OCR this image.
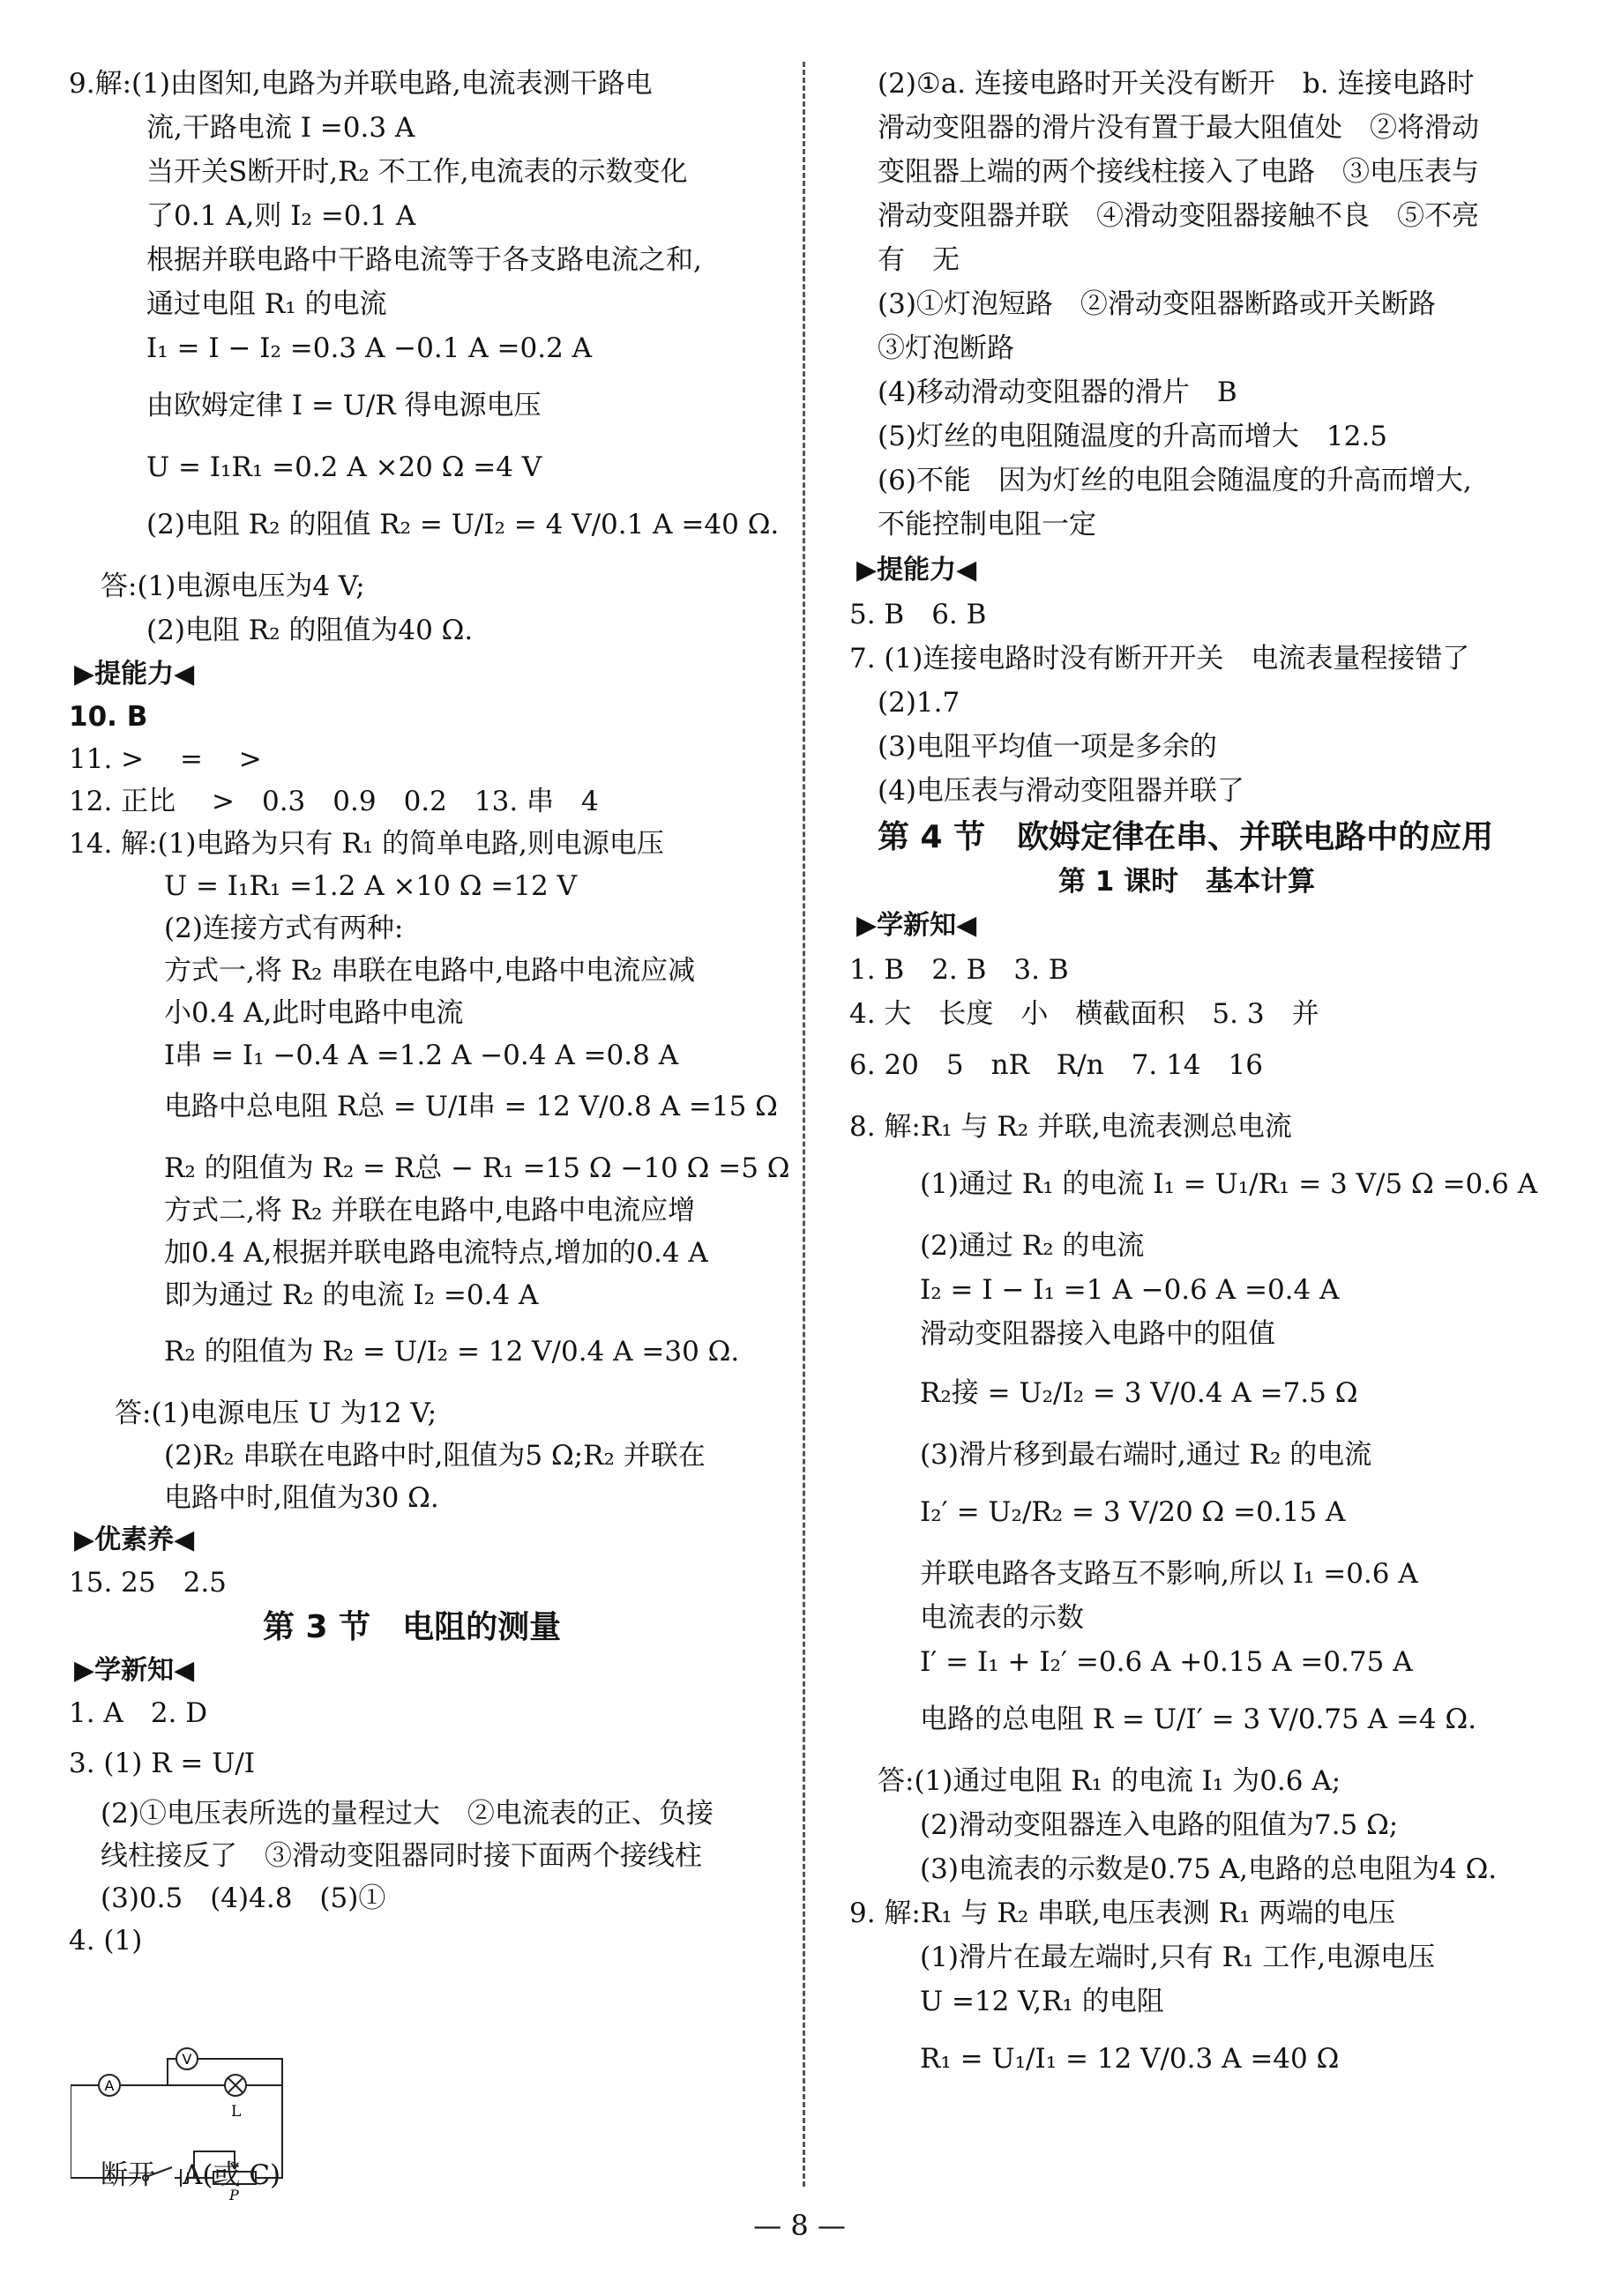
9.解:(1)由图知,电路为并联电路,电流表测干路电
流,干路电流 I =0.3 A
当开关S断开时,R₂ 不工作,电流表的示数变化
了0.1 A,则 I₂ =0.1 A
根据并联电路中干路电流等于各支路电流之和,
通过电阻 R₁ 的电流
I₁ = I − I₂ =0.3 A −0.1 A =0.2 A
由欧姆定律 I = U/R 得电源电压
U = I₁R₁ =0.2 A ×20 Ω =4 V
(2)电阻 R₂ 的阻值 R₂ = U/I₂ = 4 V/0.1 A =40 Ω.
答:(1)电源电压为4 V;
(2)电阻 R₂ 的阻值为40 Ω.
▶提能力◀
10. B
11. >　 =　 >
12. 正比　 >　0.3　0.9　0.2　13. 串　4
14. 解:(1)电路为只有 R₁ 的简单电路,则电源电压
U = I₁R₁ =1.2 A ×10 Ω =12 V
(2)连接方式有两种:
方式一,将 R₂ 串联在电路中,电路中电流应减
小0.4 A,此时电路中电流
I串 = I₁ −0.4 A =1.2 A −0.4 A =0.8 A
电路中总电阻 R总 = U/I串 = 12 V/0.8 A =15 Ω
R₂ 的阻值为 R₂ = R总 − R₁ =15 Ω −10 Ω =5 Ω
方式二,将 R₂ 并联在电路中,电路中电流应增
加0.4 A,根据并联电路电流特点,增加的0.4 A
即为通过 R₂ 的电流 I₂ =0.4 A
R₂ 的阻值为 R₂ = U/I₂ = 12 V/0.4 A =30 Ω.
答:(1)电源电压 U 为12 V;
(2)R₂ 串联在电路中时,阻值为5 Ω;R₂ 并联在
电路中时,阻值为30 Ω.
▶优素养◀
15. 25　2.5
第 3 节　电阻的测量
▶学新知◀
1. A　2. D
3. (1) R = U/I
(2)①电压表所选的量程过大　②电流表的正、负接
线柱接反了　③滑动变阻器同时接下面两个接线柱
(3)0.5　(4)4.8　(5)①
4. (1)
断开　A(或 C)
(2)①a. 连接电路时开关没有断开　b. 连接电路时
滑动变阻器的滑片没有置于最大阻值处　②将滑动
变阻器上端的两个接线柱接入了电路　③电压表与
滑动变阻器并联　④滑动变阻器接触不良　⑤不亮
有　无
(3)①灯泡短路　②滑动变阻器断路或开关断路
③灯泡断路
(4)移动滑动变阻器的滑片　B
(5)灯丝的电阻随温度的升高而增大　12.5
(6)不能　因为灯丝的电阻会随温度的升高而增大,
不能控制电阻一定
▶提能力◀
5. B　6. B
7. (1)连接电路时没有断开开关　电流表量程接错了
(2)1.7
(3)电阻平均值一项是多余的
(4)电压表与滑动变阻器并联了
第 4 节　欧姆定律在串、并联电路中的应用
第 1 课时　基本计算
▶学新知◀
1. B　2. B　3. B
4. 大　长度　小　横截面积　5. 3　并
6. 20　5　nR　R/n　7. 14　16
8. 解:R₁ 与 R₂ 并联,电流表测总电流
(1)通过 R₁ 的电流 I₁ = U₁/R₁ = 3 V/5 Ω =0.6 A
(2)通过 R₂ 的电流
I₂ = I − I₁ =1 A −0.6 A =0.4 A
滑动变阻器接入电路中的阻值
R₂接 = U₂/I₂ = 3 V/0.4 A =7.5 Ω
(3)滑片移到最右端时,通过 R₂ 的电流
I₂′ = U₂/R₂ = 3 V/20 Ω =0.15 A
并联电路各支路互不影响,所以 I₁ =0.6 A
电流表的示数
I′ = I₁ + I₂′ =0.6 A +0.15 A =0.75 A
电路的总电阻 R = U/I′ = 3 V/0.75 A =4 Ω.
答:(1)通过电阻 R₁ 的电流 I₁ 为0.6 A;
(2)滑动变阻器连入电路的阻值为7.5 Ω;
(3)电流表的示数是0.75 A,电路的总电阻为4 Ω.
9. 解:R₁ 与 R₂ 串联,电压表测 R₁ 两端的电压
(1)滑片在最左端时,只有 R₁ 工作,电源电压
U =12 V,R₁ 的电阻
R₁ = U₁/I₁ = 12 V/0.3 A =40 Ω
A
V
L
P
— 8 —
